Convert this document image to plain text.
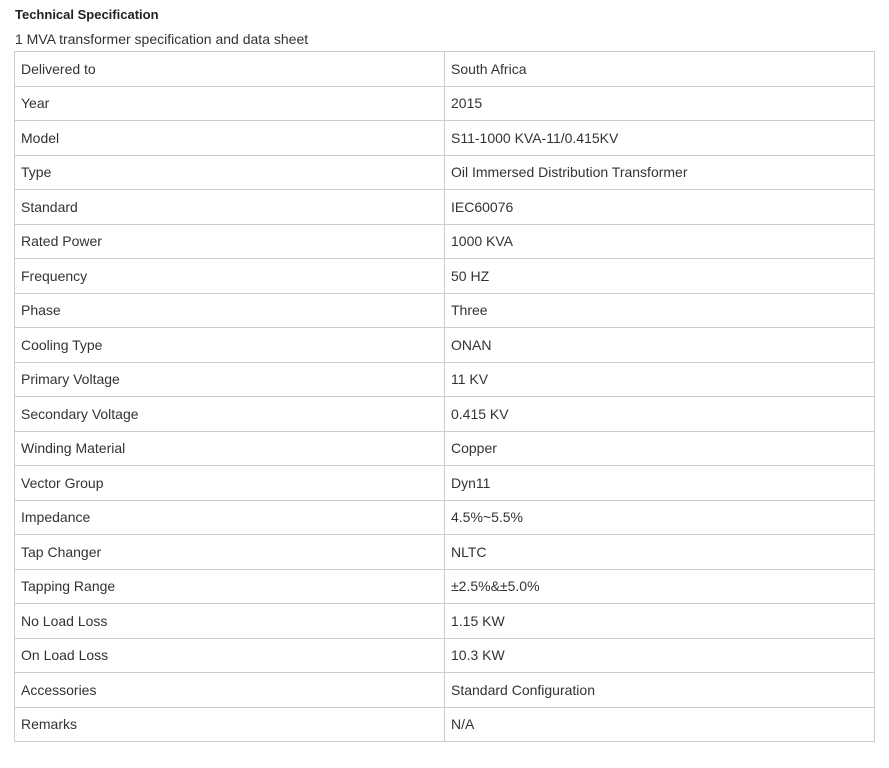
Technical Specification
1 MVA transformer specification and data sheet
Delivered to	South Africa
Year	2015
Model	S11-1000 KVA-11/0.415KV
Type	Oil Immersed Distribution Transformer
Standard	IEC60076
Rated Power	1000 KVA
Frequency	50 HZ
Phase	Three
Cooling Type	ONAN
Primary Voltage	11 KV
Secondary Voltage	0.415 KV
Winding Material	Copper
Vector Group	Dyn11
Impedance	4.5%~5.5%
Tap Changer	NLTC
Tapping Range	±2.5%&±5.0%
No Load Loss	1.15 KW
On Load Loss	10.3 KW
Accessories	Standard Configuration
Remarks	N/A
